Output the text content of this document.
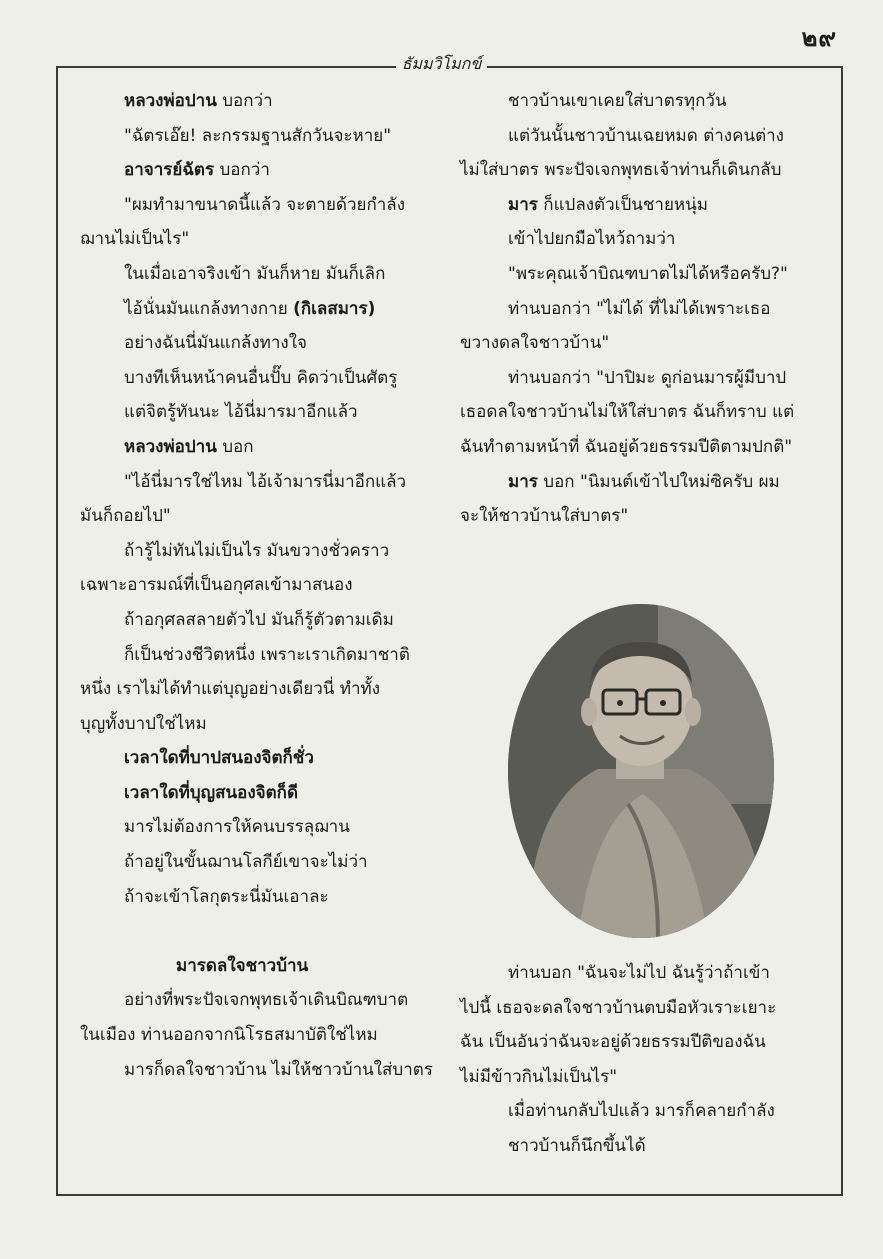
๒๙
ธัมมวิโมกข์
หลวงพ่อปาน บอกว่า
"ฉัตรเอ๊ย! ละกรรมฐานสักวันจะหาย"
อาจารย์ฉัตร บอกว่า
"ผมทำมาขนาดนี้แล้ว จะตายด้วยกำลัง
ฌานไม่เป็นไร"
ในเมื่อเอาจริงเข้า มันก็หาย มันก็เลิก
ไอ้นั่นมันแกล้งทางกาย (กิเลสมาร)
อย่างฉันนี่มันแกล้งทางใจ
บางทีเห็นหน้าคนอื่นปั๊บ คิดว่าเป็นศัตรู
แต่จิตรู้ทันนะ ไอ้นี่มารมาอีกแล้ว
หลวงพ่อปาน บอก
"ไอ้นี่มารใช่ไหม ไอ้เจ้ามารนี่มาอีกแล้ว
มันก็ถอยไป"
ถ้ารู้ไม่ทันไม่เป็นไร มันขวางชั่วคราว
เฉพาะอารมณ์ที่เป็นอกุศลเข้ามาสนอง
ถ้าอกุศลสลายตัวไป มันก็รู้ตัวตามเดิม
ก็เป็นช่วงชีวิตหนึ่ง เพราะเราเกิดมาชาติ
หนึ่ง เราไม่ได้ทำแต่บุญอย่างเดียวนี่ ทำทั้ง
บุญทั้งบาปใช่ไหม
เวลาใดที่บาปสนองจิตก็ชั่ว
เวลาใดที่บุญสนองจิตก็ดี
มารไม่ต้องการให้คนบรรลุฌาน
ถ้าอยู่ในขั้นฌานโลกีย์เขาจะไม่ว่า
ถ้าจะเข้าโลกุตระนี่มันเอาละ
มารดลใจชาวบ้าน
อย่างที่พระปัจเจกพุทธเจ้าเดินบิณฑบาต
ในเมือง ท่านออกจากนิโรธสมาบัติใช่ไหม
มารก็ดลใจชาวบ้าน ไม่ให้ชาวบ้านใส่บาตร
ชาวบ้านเขาเคยใส่บาตรทุกวัน
แต่วันนั้นชาวบ้านเฉยหมด ต่างคนต่าง
ไม่ใส่บาตร พระปัจเจกพุทธเจ้าท่านก็เดินกลับ
มาร ก็แปลงตัวเป็นชายหนุ่ม
เข้าไปยกมือไหว้ถามว่า
"พระคุณเจ้าบิณฑบาตไม่ได้หรือครับ?"
ท่านบอกว่า "ไม่ได้ ที่ไม่ได้เพราะเธอ
ขวางดลใจชาวบ้าน"
ท่านบอกว่า "ปาปิมะ ดูก่อนมารผู้มีบาป
เธอดลใจชาวบ้านไม่ให้ใส่บาตร ฉันก็ทราบ แต่
ฉันทำตามหน้าที่ ฉันอยู่ด้วยธรรมปีติตามปกติ"
มาร บอก "นิมนต์เข้าไปใหม่ซิครับ ผม
จะให้ชาวบ้านใส่บาตร"
ท่านบอก "ฉันจะไม่ไป ฉันรู้ว่าถ้าเข้า
ไปนี้ เธอจะดลใจชาวบ้านตบมือหัวเราะเยาะ
ฉัน เป็นอันว่าฉันจะอยู่ด้วยธรรมปีติของฉัน
ไม่มีข้าวกินไม่เป็นไร"
เมื่อท่านกลับไปแล้ว มารก็คลายกำลัง
ชาวบ้านก็นึกขึ้นได้
